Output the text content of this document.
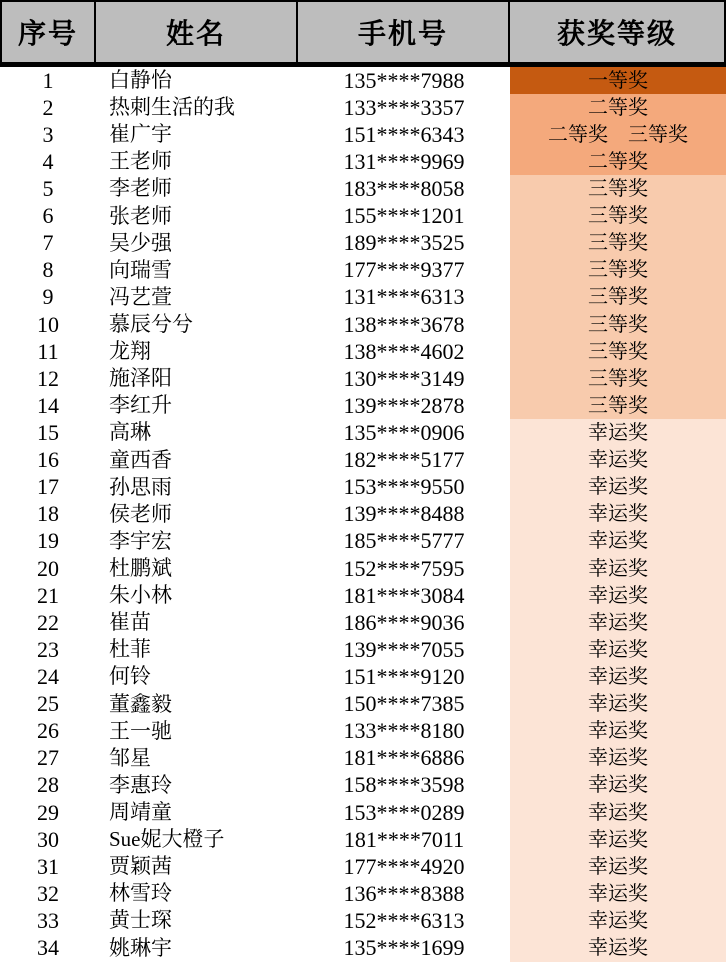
序号	姓名	手机号	获奖等级
1	白静怡	135****7988	一等奖
2	热刺生活的我	133****3357	二等奖
3	崔广宇	151****6343	二等奖　三等奖
4	王老师	131****9969	二等奖
5	李老师	183****8058	三等奖
6	张老师	155****1201	三等奖
7	吴少强	189****3525	三等奖
8	向瑞雪	177****9377	三等奖
9	冯艺萱	131****6313	三等奖
10	慕辰兮兮	138****3678	三等奖
11	龙翔	138****4602	三等奖
12	施泽阳	130****3149	三等奖
14	李红升	139****2878	三等奖
15	高琳	135****0906	幸运奖
16	童西香	182****5177	幸运奖
17	孙思雨	153****9550	幸运奖
18	侯老师	139****8488	幸运奖
19	李宇宏	185****5777	幸运奖
20	杜鹏斌	152****7595	幸运奖
21	朱小林	181****3084	幸运奖
22	崔苗	186****9036	幸运奖
23	杜菲	139****7055	幸运奖
24	何铃	151****9120	幸运奖
25	董鑫毅	150****7385	幸运奖
26	王一驰	133****8180	幸运奖
27	邹星	181****6886	幸运奖
28	李惠玲	158****3598	幸运奖
29	周靖童	153****0289	幸运奖
30	Sue妮大橙子	181****7011	幸运奖
31	贾颖茜	177****4920	幸运奖
32	林雪玲	136****8388	幸运奖
33	黄士琛	152****6313	幸运奖
34	姚琳宇	135****1699	幸运奖
